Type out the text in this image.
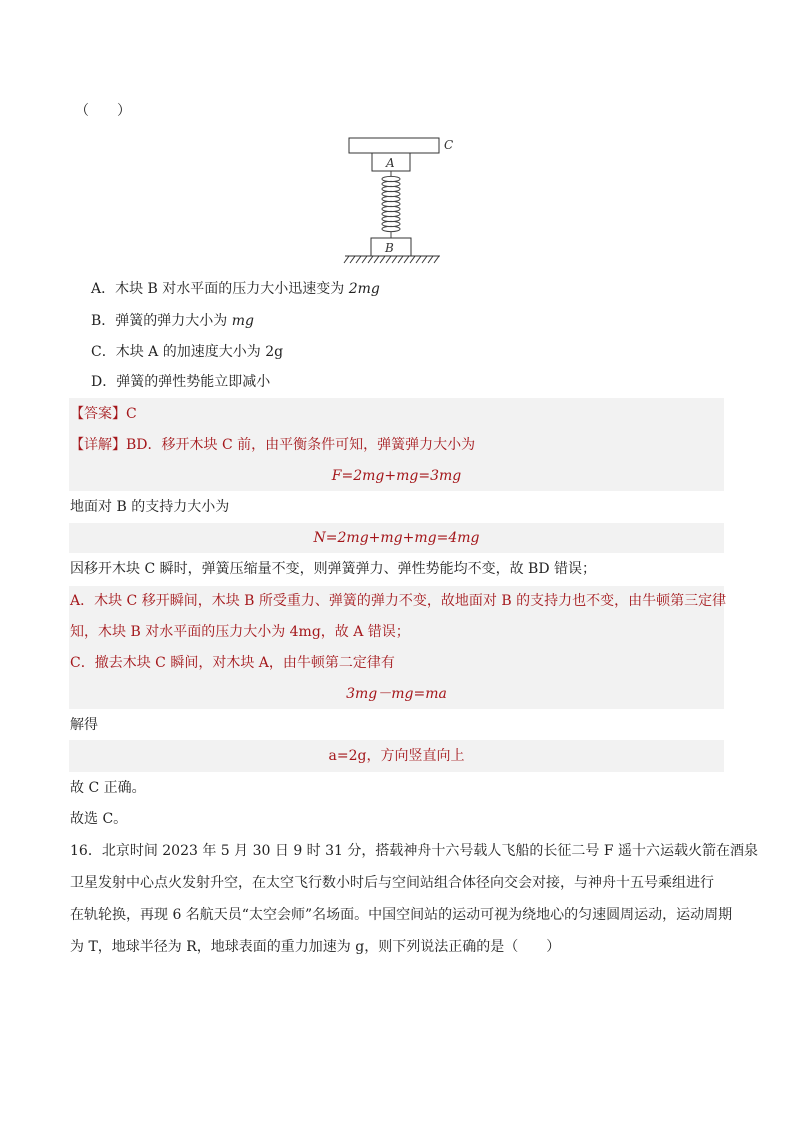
（　　）
C
A
B
A．木块 B 对水平面的压力大小迅速变为 2mg
B．弹簧的弹力大小为 mg
C．木块 A 的加速度大小为 2g
D．弹簧的弹性势能立即减小
【答案】C
【详解】BD．移开木块 C 前，由平衡条件可知，弹簧弹力大小为
F=2mg+mg=3mg
地面对 B 的支持力大小为
N=2mg+mg+mg=4mg
因移开木块 C 瞬时，弹簧压缩量不变，则弹簧弹力、弹性势能均不变，故 BD 错误；
A．木块 C 移开瞬间，木块 B 所受重力、弹簧的弹力不变，故地面对 B 的支持力也不变，由牛顿第三定律
知，木块 B 对水平面的压力大小为 4mg，故 A 错误；
C．撤去木块 C 瞬间，对木块 A，由牛顿第二定律有
3mg－mg=ma
解得
a=2g，方向竖直向上
故 C 正确。
故选 C。
16．北京时间 2023 年 5 月 30 日 9 时 31 分，搭载神舟十六号载人飞船的长征二号 F 遥十六运载火箭在酒泉
卫星发射中心点火发射升空，在太空飞行数小时后与空间站组合体径向交会对接，与神舟十五号乘组进行
在轨轮换，再现 6 名航天员“太空会师”名场面。中国空间站的运动可视为绕地心的匀速圆周运动，运动周期
为 T，地球半径为 R，地球表面的重力加速为 g，则下列说法正确的是（　　）
